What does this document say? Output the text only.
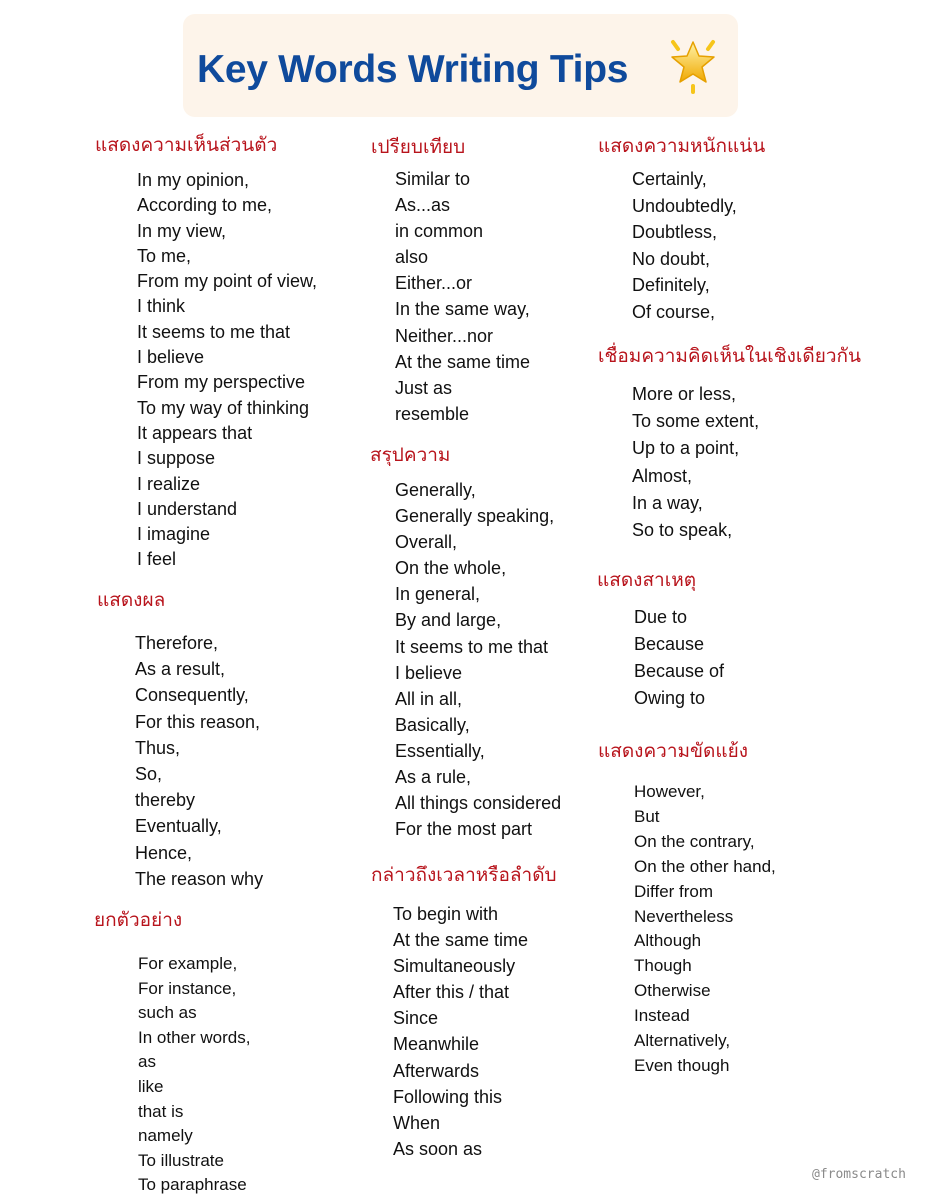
Key Words Writing Tips
แสดงความเห็นส่วนตัว
In my opinion,
According to me,
In my view,
To me,
From my point of view,
I think
It seems to me that
I believe
From my perspective
To my way of thinking
It appears that
I suppose
I realize
I understand
I imagine
I feel
แสดงผล
Therefore,
As a result,
Consequently,
For this reason,
Thus,
So,
thereby
Eventually,
Hence,
The reason why
ยกตัวอย่าง
For example,
For instance,
such as
In other words,
as
like
that is
namely
To illustrate
To paraphrase
เปรียบเทียบ
Similar to
As...as
in common
also
Either...or
In the same way,
Neither...nor
At the same time
Just as
resemble
สรุปความ
Generally,
Generally speaking,
Overall,
On the whole,
In general,
By and large,
It seems to me that
I believe
All in all,
Basically,
Essentially,
As a rule,
All things considered
For the most part
กล่าวถึงเวลาหรือลำดับ
To begin with
At the same time
Simultaneously
After this / that
Since
Meanwhile
Afterwards
Following this
When
As soon as
แสดงความหนักแน่น
Certainly,
Undoubtedly,
Doubtless,
No doubt,
Definitely,
Of course,
เชื่อมความคิดเห็นในเชิงเดียวกัน
More or less,
To some extent,
Up to a point,
Almost,
In a way,
So to speak,
แสดงสาเหตุ
Due to
Because
Because of
Owing to
แสดงความขัดแย้ง
However,
But
On the contrary,
On the other hand,
Differ from
Nevertheless
Although
Though
Otherwise
Instead
Alternatively,
Even though
@fromscratch
